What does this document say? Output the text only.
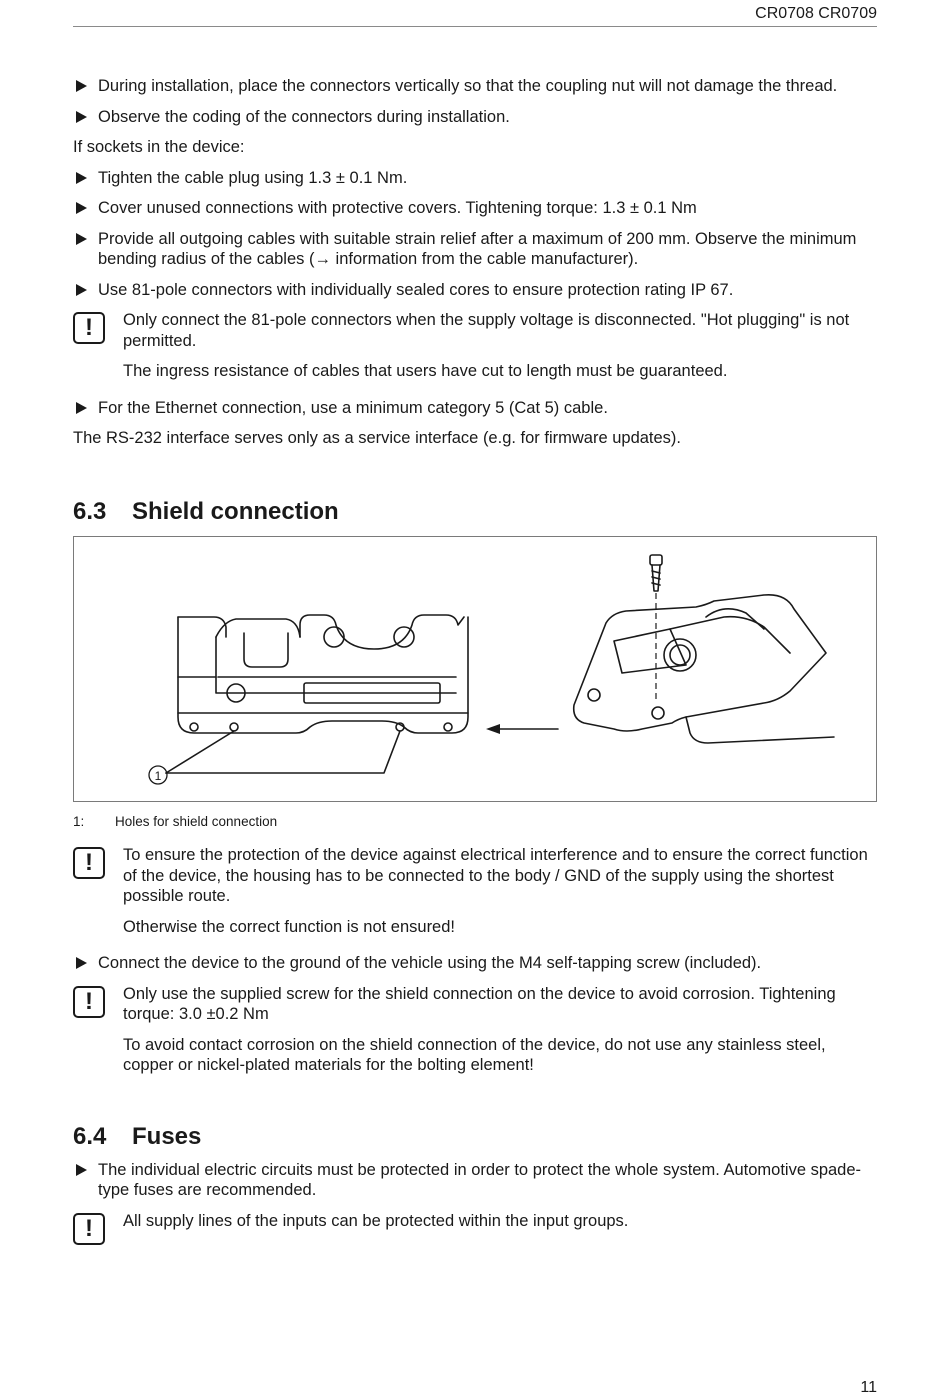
CR0708 CR0709
During installation, place the connectors vertically so that the coupling nut will not damage the thread.
Observe the coding of the connectors during installation.
If sockets in the device:
Tighten the cable plug using 1.3 ± 0.1 Nm.
Cover unused connections with protective covers. Tightening torque: 1.3 ± 0.1 Nm
Provide all outgoing cables with suitable strain relief after a maximum of 200 mm. Observe the minimum bending radius of the cables (→ information from the cable manufacturer).
Use 81-pole connectors with individually sealed cores to ensure protection rating IP 67.
!	Only connect the 81-pole connectors when the supply voltage is disconnected. "Hot plugging" is not permitted.

The ingress resistance of cables that users have cut to length must be guaranteed.

For the Ethernet connection, use a minimum category 5 (Cat 5) cable.
The RS-232 interface serves only as a service interface (e.g. for firmware updates).
6.3 Shield connection
1
1:	Holes for shield connection
!	To ensure the protection of the device against electrical interference and to ensure the correct function of the device, the housing has to be connected to the body / GND of the supply using the shortest possible route.

Otherwise the correct function is not ensured!

Connect the device to the ground of the vehicle using the M4 self-tapping screw (included).
!	Only use the supplied screw for the shield connection on the device to avoid corrosion. Tightening torque: 3.0 ±0.2 Nm

To avoid contact corrosion on the shield connection of the device, do not use any stainless steel, copper or nickel-plated materials for the bolting element!

6.4 Fuses
The individual electric circuits must be protected in order to protect the whole system. Automotive spade-type fuses are recommended.
!	All supply lines of the inputs can be protected within the input groups.

11
